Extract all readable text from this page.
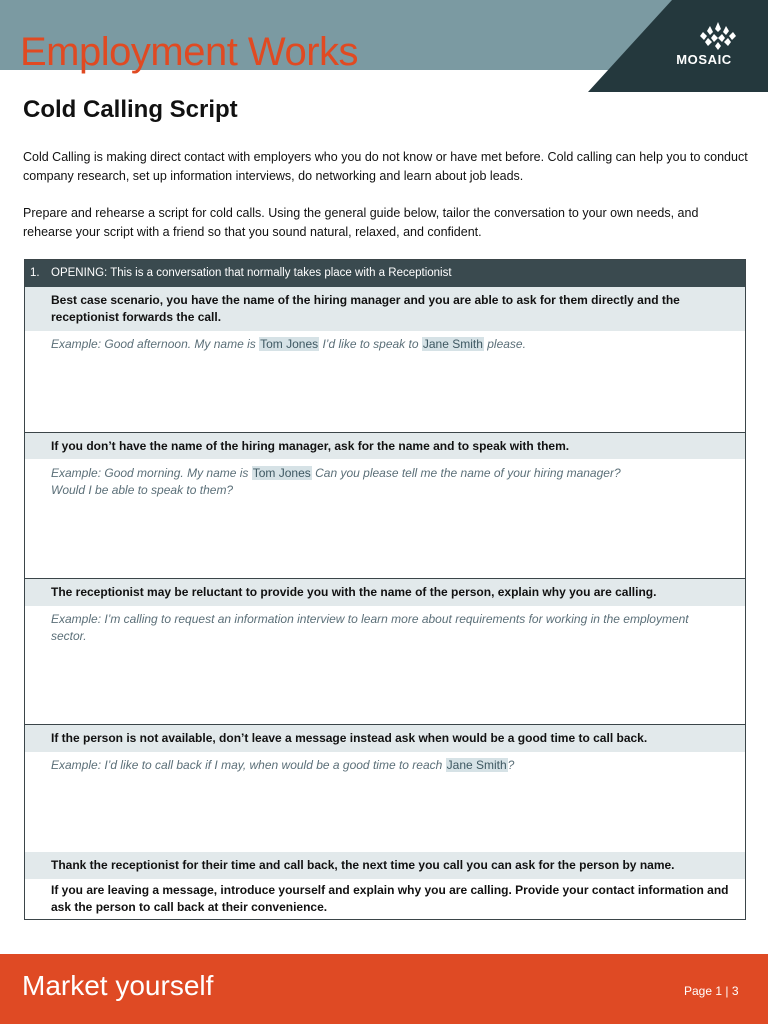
Employment Works	MOSAIC
Cold Calling Script
Cold Calling is making direct contact with employers who you do not know or have met before. Cold calling can help you to conduct company research, set up information interviews, do networking and learn about job leads.
Prepare and rehearse a script for cold calls. Using the general guide below, tailor the conversation to your own needs, and rehearse your script with a friend so that you sound natural, relaxed, and confident.
1. OPENING: This is a conversation that normally takes place with a Receptionist
Best case scenario, you have the name of the hiring manager and you are able to ask for them directly and the receptionist forwards the call.
Example: Good afternoon. My name is Tom Jones I’d like to speak to Jane Smith please.
If you don’t have the name of the hiring manager, ask for the name and to speak with them.
Example: Good morning. My name is Tom Jones Can you please tell me the name of your hiring manager?
Would I be able to speak to them?
The receptionist may be reluctant to provide you with the name of the person, explain why you are calling.
Example: I’m calling to request an information interview to learn more about requirements for working in the employment sector.
If the person is not available, don’t leave a message instead ask when would be a good time to call back.
Example: I’d like to call back if I may, when would be a good time to reach Jane Smith?
Thank the receptionist for their time and call back, the next time you call you can ask for the person by name.
If you are leaving a message, introduce yourself and explain why you are calling. Provide your contact information and ask the person to call back at their convenience.
Market yourself	Page 1 | 3
